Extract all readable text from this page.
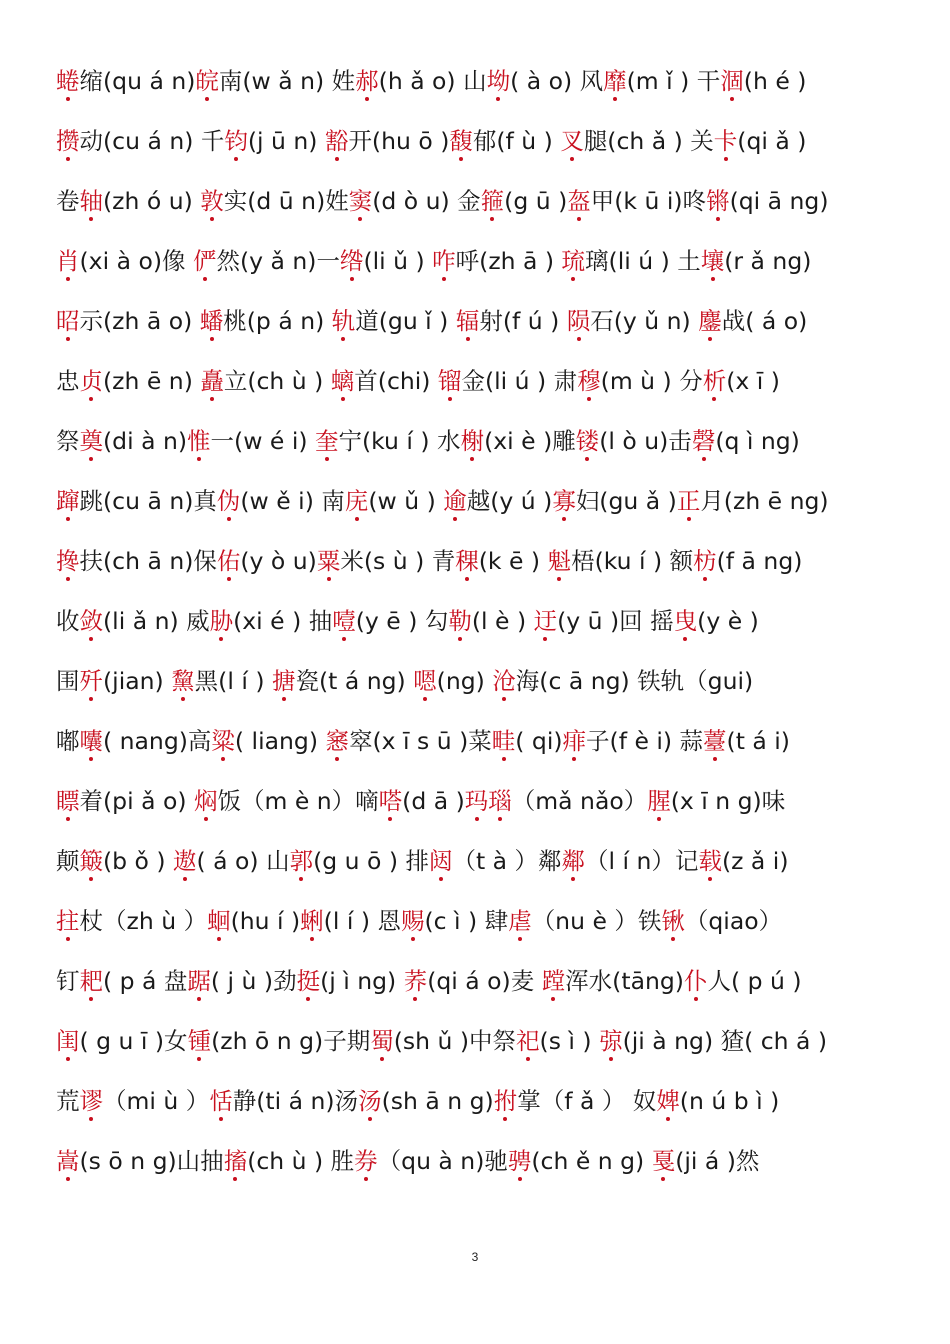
蜷缩(qu á n)皖南(w ǎ n) 姓郝(h ǎ o) 山坳( à o) 风靡(m ǐ ) 干涸(h é )
攒动(cu á n) 千钧(j ū n) 豁开(hu ō )馥郁(f ù ) 叉腿(ch ǎ ) 关卡(qi ǎ )
卷轴(zh ó u) 敦实(d ū n)姓窦(d ò u) 金箍(g ū )盔甲(k ū i)咚锵(qi ā ng)
肖(xi à o)像 俨然(y ǎ n)一绺(li ǔ ) 咋呼(zh ā ) 琉璃(li ú ) 土壤(r ǎ ng)
昭示(zh ā o) 蟠桃(p á n) 轨道(gu ǐ ) 辐射(f ú ) 陨石(y ǔ n) 鏖战( á o)
忠贞(zh ē n) 矗立(ch ù ) 螭首(chi) 镏金(li ú ) 肃穆(m ù ) 分析(x ī )
祭奠(di à n)惟一(w é i) 奎宁(ku í ) 水榭(xi è )雕镂(l ò u)击磬(q ì ng)
蹿跳(cu ā n)真伪(w ě i) 南庑(w ǔ ) 逾越(y ú )寡妇(gu ǎ )正月(zh ē ng)
搀扶(ch ā n)保佑(y ò u)粟米(s ù ) 青稞(k ē ) 魁梧(ku í ) 额枋(f ā ng)
收敛(li ǎ n) 威胁(xi é ) 抽噎(y ē ) 勾勒(l è ) 迂(y ū )回 摇曳(y è )
围歼(jian) 黧黑(l í ) 搪瓷(t á ng) 嗯(ng) 沧海(c ā ng) 铁轨（gui)
嘟囔( nang)高粱( liang) 窸窣(x ī s ū )菜畦( qi)痱子(f è i) 蒜薹(t á i)
瞟着(pi ǎ o) 焖饭（m è n）嘀嗒(d ā )玛瑙（mǎ nǎo）腥(x ī n g)味
颠簸(b ǒ ) 遨( á o) 山郭(g u ō ) 排闼（t à ）鄰鄰（l í n）记载(z ǎ i)
拄杖（zh ù ）蛔(hu í )蜊(l í ) 恩赐(c ì ) 肆虐（nu è ）铁锹（qiao）
钉耙( p á 盘踞( j ù )劲挺(j ì ng) 荞(qi á o)麦 蹚浑水(tāng)仆人( p ú )
闺( g u ī )女锺(zh ō n g)子期蜀(sh ǔ )中祭祀(s ì ) 弶(ji à ng) 猹( ch á )
荒谬（mi ù ）恬静(ti á n)汤汤(sh ā n g)拊掌（f ǎ ） 奴婢(n ú b ì )
嵩(s ō n g)山抽搐(ch ù ) 胜券（qu à n)驰骋(ch ě n g) 戛(ji á )然
3
